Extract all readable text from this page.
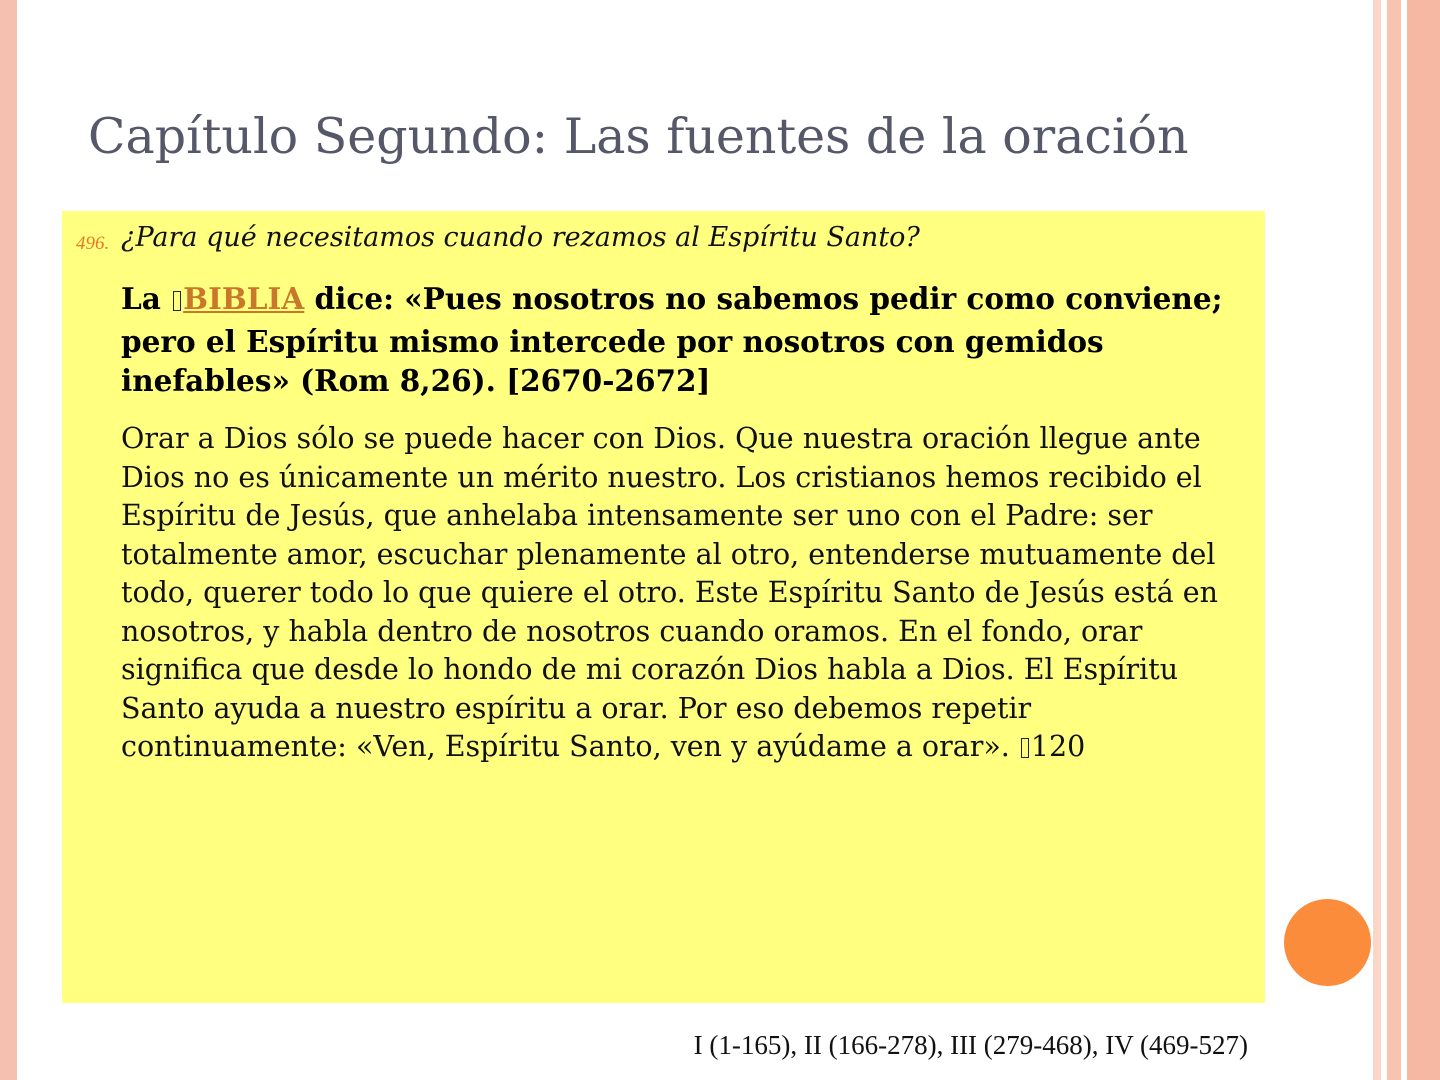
Capítulo Segundo: Las fuentes de la oración
496. ¿Para qué necesitamos cuando rezamos al Espíritu Santo?
La BIBLIA dice: «Pues nosotros no sabemos pedir como conviene;
pero el Espíritu mismo intercede por nosotros con gemidos
inefables» (Rom 8,26). [2670-2672]
Orar a Dios sólo se puede hacer con Dios. Que nuestra oración llegue ante
Dios no es únicamente un mérito nuestro. Los cristianos hemos recibido el
Espíritu de Jesús, que anhelaba intensamente ser uno con el Padre: ser
totalmente amor, escuchar plenamente al otro, entenderse mutuamente del
todo, querer todo lo que quiere el otro. Este Espíritu Santo de Jesús está en
nosotros, y habla dentro de nosotros cuando oramos. En el fondo, orar
significa que desde lo hondo de mi corazón Dios habla a Dios. El Espíritu
Santo ayuda a nuestro espíritu a orar. Por eso debemos repetir
continuamente: «Ven, Espíritu Santo, ven y ayúdame a orar». 120
I (1-165), II (166-278), III (279-468), IV (469-527)
